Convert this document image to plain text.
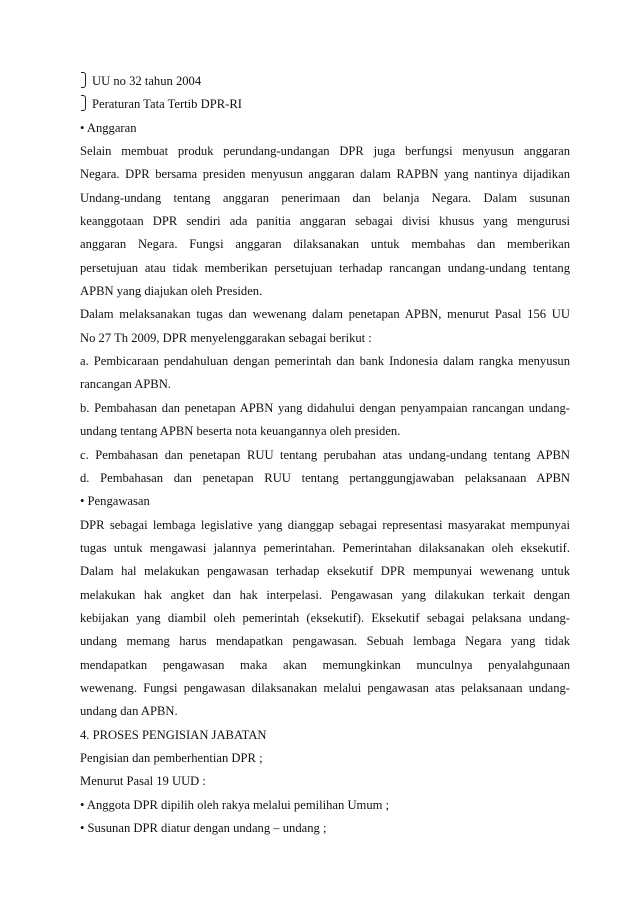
UU no 32 tahun 2004
Peraturan Tata Tertib DPR-RI
• Anggaran
Selain membuat produk perundang-undangan DPR juga berfungsi menyusun anggaran
Negara. DPR bersama presiden menyusun anggaran dalam RAPBN yang nantinya dijadikan
Undang-undang tentang anggaran penerimaan dan belanja Negara. Dalam susunan
keanggotaan DPR sendiri ada panitia anggaran sebagai divisi khusus yang mengurusi
anggaran Negara. Fungsi anggaran dilaksanakan untuk membahas dan memberikan
persetujuan atau tidak memberikan persetujuan terhadap rancangan undang-undang tentang
APBN yang diajukan oleh Presiden.
Dalam melaksanakan tugas dan wewenang dalam penetapan APBN, menurut Pasal 156 UU
No 27 Th 2009, DPR menyelenggarakan sebagai berikut :
a. Pembicaraan pendahuluan dengan pemerintah dan bank Indonesia dalam rangka menyusun
rancangan APBN.
b. Pembahasan dan penetapan APBN yang didahului dengan penyampaian rancangan undang-
undang tentang APBN beserta nota keuangannya oleh presiden.
c. Pembahasan dan penetapan RUU tentang perubahan atas undang-undang tentang APBN
d. Pembahasan dan penetapan RUU tentang pertanggungjawaban pelaksanaan APBN
• Pengawasan
DPR sebagai lembaga legislative yang dianggap sebagai representasi masyarakat mempunyai
tugas untuk mengawasi jalannya pemerintahan. Pemerintahan dilaksanakan oleh eksekutif.
Dalam hal melakukan pengawasan terhadap eksekutif DPR mempunyai wewenang untuk
melakukan hak angket dan hak interpelasi. Pengawasan yang dilakukan terkait dengan
kebijakan yang diambil oleh pemerintah (eksekutif). Eksekutif sebagai pelaksana undang-
undang memang harus mendapatkan pengawasan. Sebuah lembaga Negara yang tidak
mendapatkan pengawasan maka akan memungkinkan munculnya penyalahgunaan
wewenang. Fungsi pengawasan dilaksanakan melalui pengawasan atas pelaksanaan undang-
undang dan APBN.
4. PROSES PENGISIAN JABATAN
Pengisian dan pemberhentian DPR ;
Menurut Pasal 19 UUD :
• Anggota DPR dipilih oleh rakya melalui pemilihan Umum ;
• Susunan DPR diatur dengan undang – undang ;
